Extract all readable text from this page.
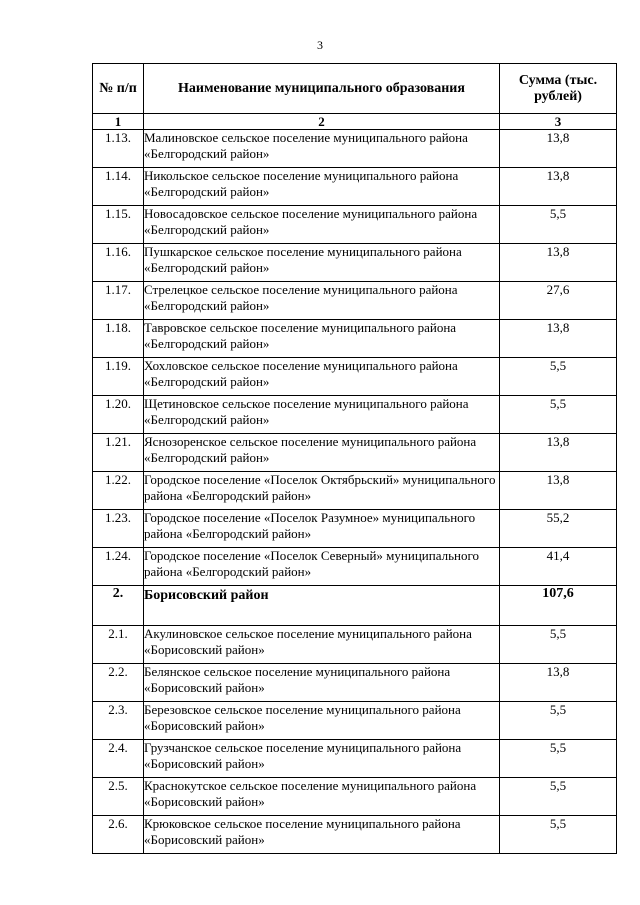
3
№ п/п	Наименование муниципального образования	Сумма (тыс. рублей)
1	2	3
1.13.	Малиновское сельское поселение муниципального района «Белгородский район»	13,8
1.14.	Никольское сельское поселение муниципального района «Белгородский район»	13,8
1.15.	Новосадовское сельское поселение муниципального района «Белгородский район»	5,5
1.16.	Пушкарское сельское поселение муниципального района «Белгородский район»	13,8
1.17.	Стрелецкое сельское поселение муниципального района «Белгородский район»	27,6
1.18.	Тавровское сельское поселение муниципального района «Белгородский район»	13,8
1.19.	Хохловское сельское поселение муниципального района «Белгородский район»	5,5
1.20.	Щетиновское сельское поселение муниципального района «Белгородский район»	5,5
1.21.	Яснозоренское сельское поселение муниципального района «Белгородский район»	13,8
1.22.	Городское поселение «Поселок Октябрьский» муниципального района «Белгородский район»	13,8
1.23.	Городское поселение «Поселок Разумное» муниципального района «Белгородский район»	55,2
1.24.	Городское поселение «Поселок Северный» муниципального района «Белгородский район»	41,4
2.	Борисовский район	107,6
2.1.	Акулиновское сельское поселение муниципального района «Борисовский район»	5,5
2.2.	Белянское сельское поселение муниципального района «Борисовский район»	13,8
2.3.	Березовское сельское поселение муниципального района «Борисовский район»	5,5
2.4.	Грузчанское сельское поселение муниципального района «Борисовский район»	5,5
2.5.	Краснокутское сельское поселение муниципального района «Борисовский район»	5,5
2.6.	Крюковское сельское поселение муниципального района «Борисовский район»	5,5
